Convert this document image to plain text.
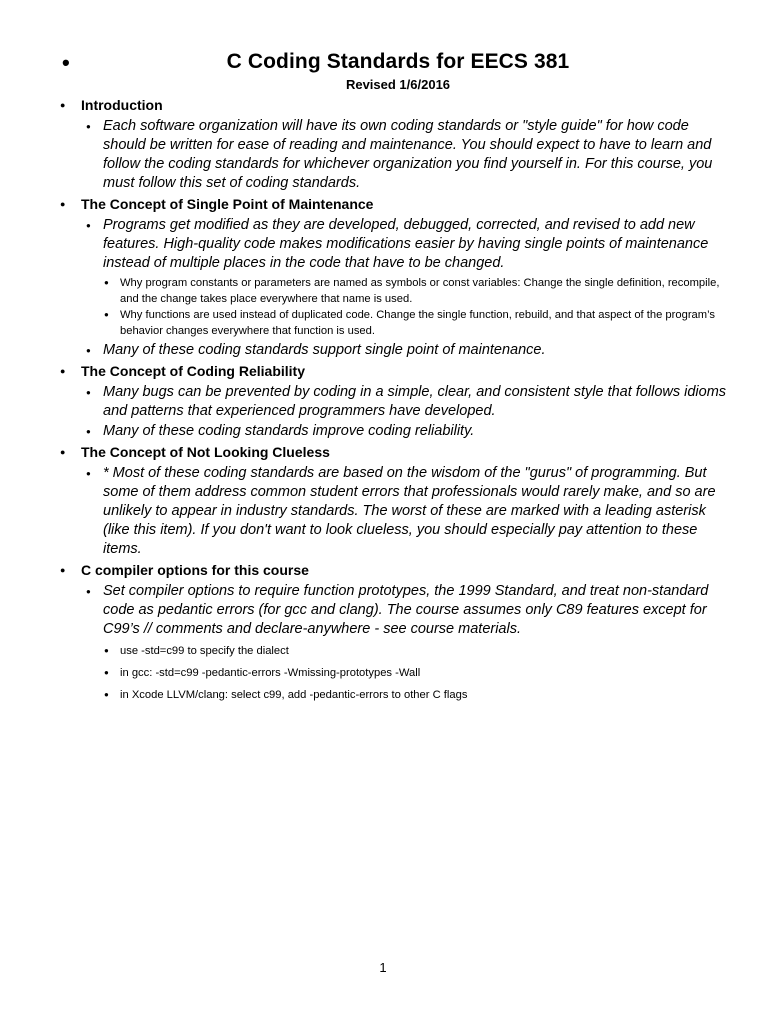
•	C Coding Standards for EECS 381
Revised 1/6/2016
● Introduction
● Each software organization will have its own coding standards or "style guide" for how code should be written for ease of reading and maintenance. You should expect to have to learn and follow the coding standards for whichever organization you find yourself in. For this course, you must follow this set of coding standards.
● The Concept of Single Point of Maintenance
● Programs get modified as they are developed, debugged, corrected, and revised to add new features. High-quality code makes modifications easier by having single points of maintenance instead of multiple places in the code that have to be changed.
● Why program constants or parameters are named as symbols or const variables: Change the single definition, recompile, and the change takes place everywhere that name is used.
● Why functions are used instead of duplicated code. Change the single function, rebuild, and that aspect of the program’s behavior changes everywhere that function is used.
● Many of these coding standards support single point of maintenance.
● The Concept of Coding Reliability
● Many bugs can be prevented by coding in a simple, clear, and consistent style that follows idioms and patterns that experienced programmers have developed.
● Many of these coding standards improve coding reliability.
● The Concept of Not Looking Clueless
● * Most of these coding standards are based on the wisdom of the "gurus" of programming. But some of them address common student errors that professionals would rarely make, and so are unlikely to appear in industry standards. The worst of these are marked with a leading asterisk (like this item). If you don't want to look clueless, you should especially pay attention to these items.
● C compiler options for this course
● Set compiler options to require function prototypes, the 1999 Standard, and treat non-standard code as pedantic errors (for gcc and clang). The course assumes only C89 features except for C99’s // comments and declare-anywhere - see course materials.
● use -std=c99 to specify the dialect
● in gcc: -std=c99 -pedantic-errors -Wmissing-prototypes -Wall
● in Xcode LLVM/clang: select c99, add -pedantic-errors to other C flags
1
